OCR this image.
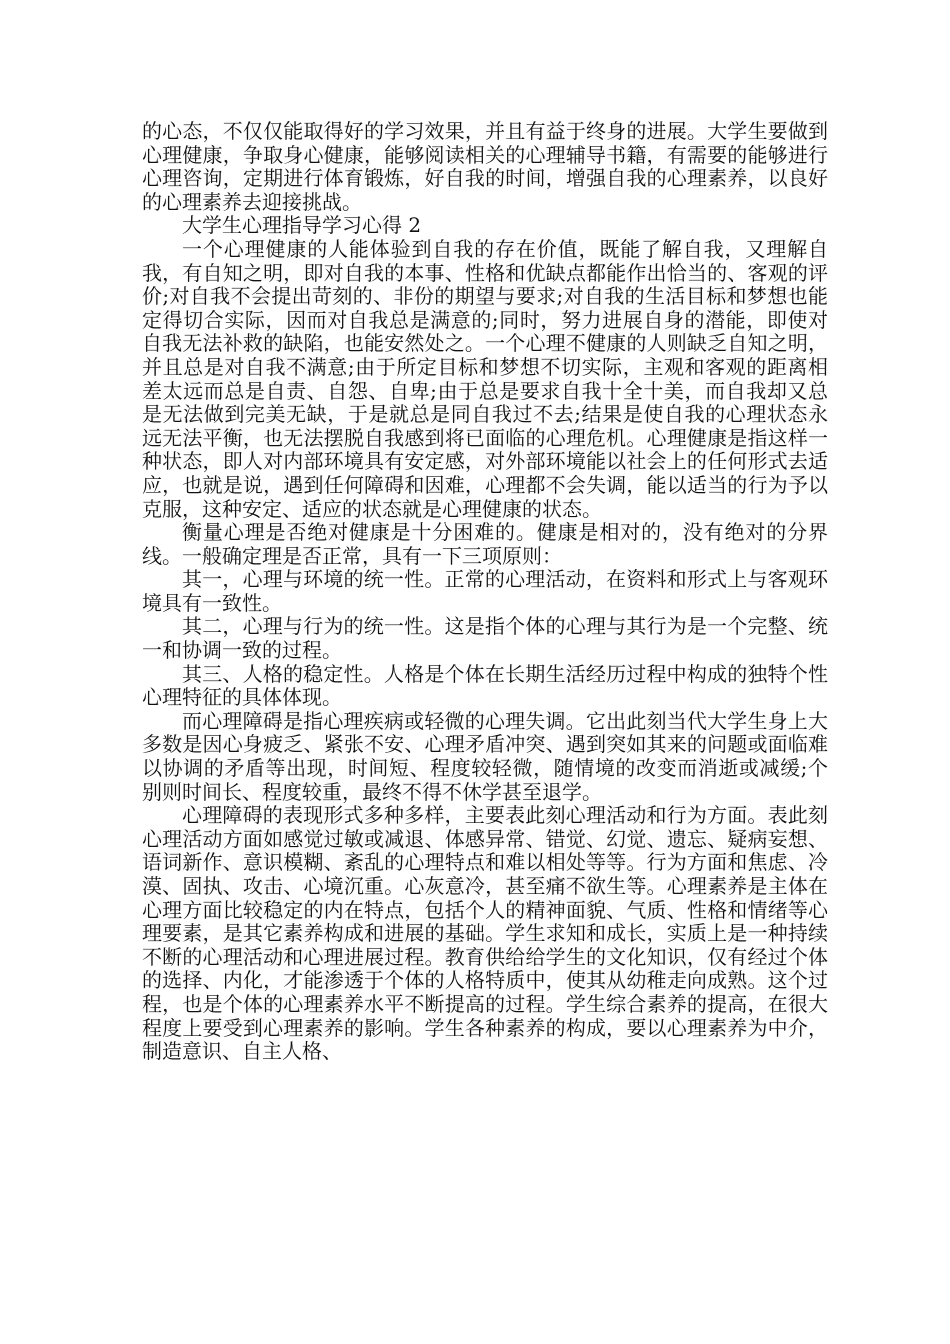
的心态，不仅仅能取得好的学习效果，并且有益于终身的进展。大学生要做到心理健康，争取身心健康，能够阅读相关的心理辅导书籍，有需要的能够进行心理咨询，定期进行体育锻炼，好自我的时间，增强自我的心理素养，以良好的心理素养去迎接挑战。

大学生心理指导学习心得 2

一个心理健康的人能体验到自我的存在价值，既能了解自我，又理解自我，有自知之明，即对自我的本事、性格和优缺点都能作出恰当的、客观的评价;对自我不会提出苛刻的、非份的期望与要求;对自我的生活目标和梦想也能定得切合实际，因而对自我总是满意的;同时，努力进展自身的潜能，即使对自我无法补救的缺陷，也能安然处之。一个心理不健康的人则缺乏自知之明，并且总是对自我不满意;由于所定目标和梦想不切实际，主观和客观的距离相差太远而总是自责、自怨、自卑;由于总是要求自我十全十美，而自我却又总是无法做到完美无缺，于是就总是同自我过不去;结果是使自我的心理状态永远无法平衡，也无法摆脱自我感到将已面临的心理危机。心理健康是指这样一种状态，即人对内部环境具有安定感，对外部环境能以社会上的任何形式去适应，也就是说，遇到任何障碍和因难，心理都不会失调，能以适当的行为予以克服，这种安定、适应的状态就是心理健康的状态。

衡量心理是否绝对健康是十分困难的。健康是相对的，没有绝对的分界线。一般确定理是否正常，具有一下三项原则：

其一，心理与环境的统一性。正常的心理活动，在资料和形式上与客观环境具有一致性。

其二，心理与行为的统一性。这是指个体的心理与其行为是一个完整、统一和协调一致的过程。

其三、人格的稳定性。人格是个体在长期生活经历过程中构成的独特个性心理特征的具体体现。

而心理障碍是指心理疾病或轻微的心理失调。它出此刻当代大学生身上大多数是因心身疲乏、紧张不安、心理矛盾冲突、遇到突如其来的问题或面临难以协调的矛盾等出现，时间短、程度较轻微，随情境的改变而消逝或减缓;个别则时间长、程度较重，最终不得不休学甚至退学。

心理障碍的表现形式多种多样，主要表此刻心理活动和行为方面。表此刻心理活动方面如感觉过敏或减退、体感异常、错觉、幻觉、遗忘、疑病妄想、语词新作、意识模糊、紊乱的心理特点和难以相处等等。行为方面和焦虑、冷漠、固执、攻击、心境沉重。心灰意冷，甚至痛不欲生等。心理素养是主体在心理方面比较稳定的内在特点，包括个人的精神面貌、气质、性格和情绪等心理要素，是其它素养构成和进展的基础。学生求知和成长，实质上是一种持续不断的心理活动和心理进展过程。教育供给给学生的文化知识，仅有经过个体的选择、内化，才能渗透于个体的人格特质中，使其从幼稚走向成熟。这个过程，也是个体的心理素养水平不断提高的过程。学生综合素养的提高，在很大程度上要受到心理素养的影响。学生各种素养的构成，要以心理素养为中介，制造意识、自主人格、
